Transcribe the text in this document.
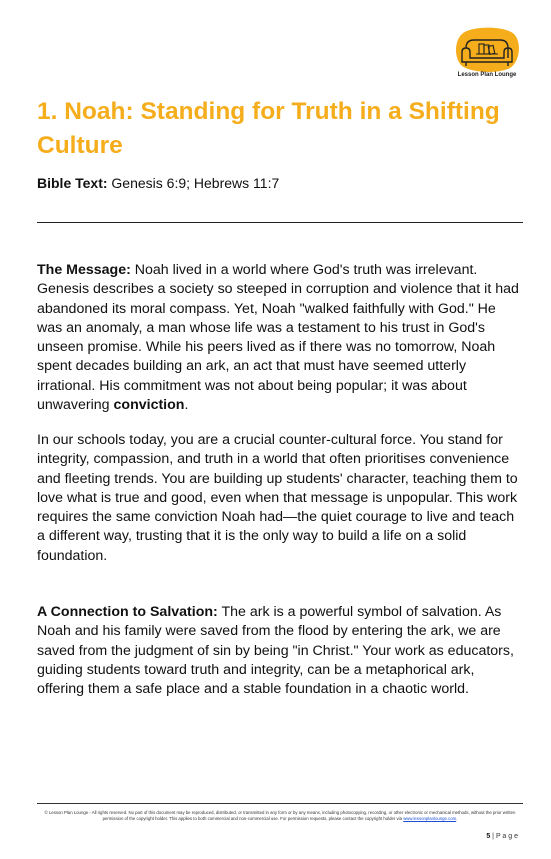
Lesson Plan Lounge
1. Noah: Standing for Truth in a Shifting Culture

Bible Text: Genesis 6:9; Hebrews 11:7

The Message: Noah lived in a world where God's truth was irrelevant. Genesis describes a society so steeped in corruption and violence that it had abandoned its moral compass. Yet, Noah "walked faithfully with God." He was an anomaly, a man whose life was a testament to his trust in God's unseen promise. While his peers lived as if there was no tomorrow, Noah spent decades building an ark, an act that must have seemed utterly irrational. His commitment was not about being popular; it was about unwavering conviction.

In our schools today, you are a crucial counter-cultural force. You stand for integrity, compassion, and truth in a world that often prioritises convenience and fleeting trends. You are building up students' character, teaching them to love what is true and good, even when that message is unpopular. This work requires the same conviction Noah had—the quiet courage to live and teach a different way, trusting that it is the only way to build a life on a solid foundation.

A Connection to Salvation: The ark is a powerful symbol of salvation. As Noah and his family were saved from the flood by entering the ark, we are saved from the judgment of sin by being "in Christ." Your work as educators, guiding students toward truth and integrity, can be a metaphorical ark, offering them a safe place and a stable foundation in a chaotic world.

© Lesson Plan Lounge - All rights reserved. No part of this document may be reproduced, distributed, or transmitted in any form or by any means, including photocopying, recording, or other electronic or mechanical methods, without the prior written permission of the copyright holder. This applies to both commercial and non-commercial use. For permission requests, please contact the copyright holder via www.lessonplanlounge.com.

5 | P a g e
